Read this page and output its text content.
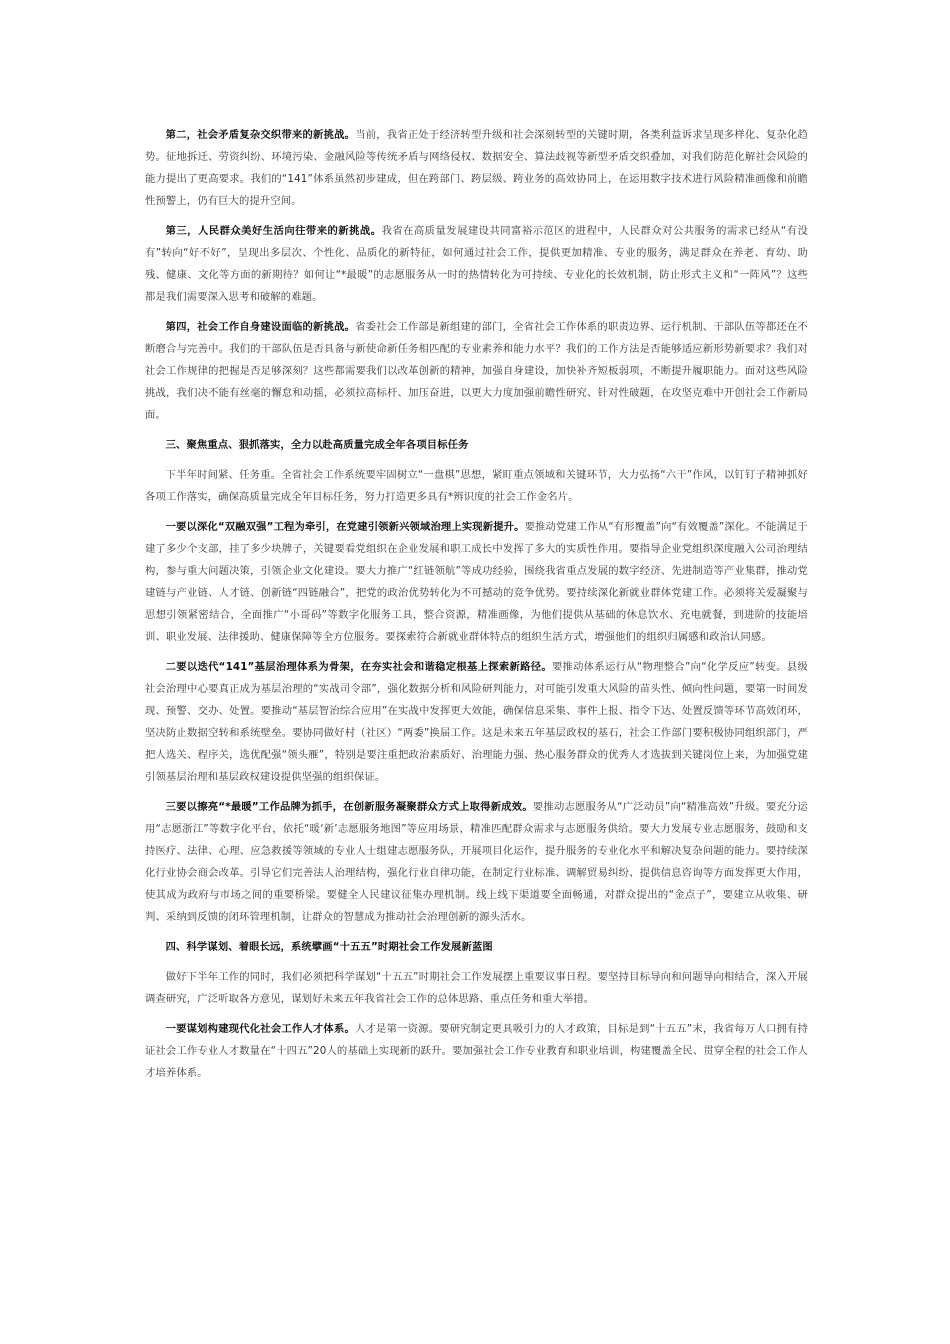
第二，社会矛盾复杂交织带来的新挑战。当前，我省正处于经济转型升级和社会深刻转型的关键时期，各类利益诉求呈现多样化、复杂化趋势。征地拆迁、劳资纠纷、环境污染、金融风险等传统矛盾与网络侵权、数据安全、算法歧视等新型矛盾交织叠加，对我们防范化解社会风险的能力提出了更高要求。我们的“141”体系虽然初步建成，但在跨部门、跨层级、跨业务的高效协同上，在运用数字技术进行风险精准画像和前瞻性预警上，仍有巨大的提升空间。

第三，人民群众美好生活向往带来的新挑战。我省在高质量发展建设共同富裕示范区的进程中，人民群众对公共服务的需求已经从“有没有”转向“好不好”，呈现出多层次、个性化、品质化的新特征，如何通过社会工作，提供更加精准、专业的服务，满足群众在养老、育幼、助残、健康、文化等方面的新期待？如何让“*最暖”的志愿服务从一时的热情转化为可持续、专业化的长效机制，防止形式主义和“一阵风”？这些都是我们需要深入思考和破解的难题。

第四，社会工作自身建设面临的新挑战。省委社会工作部是新组建的部门，全省社会工作体系的职责边界、运行机制、干部队伍等都还在不断磨合与完善中。我们的干部队伍是否具备与新使命新任务相匹配的专业素养和能力水平？我们的工作方法是否能够适应新形势新要求？我们对社会工作规律的把握是否足够深刻？这些都需要我们以改革创新的精神，加强自身建设，加快补齐短板弱项，不断提升履职能力。面对这些风险挑战，我们决不能有丝毫的懈怠和动摇，必须拉高标杆、加压奋进，以更大力度加强前瞻性研究、针对性破题，在攻坚克难中开创社会工作新局面。

三、聚焦重点、狠抓落实，全力以赴高质量完成全年各项目标任务

下半年时间紧、任务重。全省社会工作系统要牢固树立“一盘棋”思想，紧盯重点领域和关键环节，大力弘扬“六干”作风，以钉钉子精神抓好各项工作落实，确保高质量完成全年目标任务，努力打造更多具有*辨识度的社会工作金名片。

一要以深化“双融双强”工程为牵引，在党建引领新兴领域治理上实现新提升。要推动党建工作从“有形覆盖”向“有效覆盖”深化。不能满足于建了多少个支部，挂了多少块牌子，关键要看党组织在企业发展和职工成长中发挥了多大的实质性作用。要指导企业党组织深度融入公司治理结构，参与重大问题决策，引领企业文化建设。要大力推广“红链领航”等成功经验，围绕我省重点发展的数字经济、先进制造等产业集群，推动党建链与产业链、人才链、创新链“四链融合”，把党的政治优势转化为不可撼动的竞争优势。要持续深化新就业群体党建工作。必须将关爱凝聚与思想引领紧密结合，全面推广“小哥码”等数字化服务工具，整合资源，精准画像，为他们提供从基础的休息饮水、充电就餐，到进阶的技能培训、职业发展、法律援助、健康保障等全方位服务。要探索符合新就业群体特点的组织生活方式，增强他们的组织归属感和政治认同感。

二要以迭代“141”基层治理体系为骨架，在夯实社会和谐稳定根基上探索新路径。要推动体系运行从“物理整合”向“化学反应”转变。县级社会治理中心要真正成为基层治理的“实战司令部”，强化数据分析和风险研判能力，对可能引发重大风险的苗头性、倾向性问题，要第一时间发现、预警、交办、处置。要推动“基层智治综合应用”在实战中发挥更大效能，确保信息采集、事件上报、指令下达、处置反馈等环节高效闭环，坚决防止数据空转和系统壁垒。要协同做好村（社区）“两委”换届工作。这是未来五年基层政权的基石，社会工作部门要积极协同组织部门，严把人选关、程序关，选优配强“领头雁”，特别是要注重把政治素质好、治理能力强、热心服务群众的优秀人才选拔到关键岗位上来，为加强党建引领基层治理和基层政权建设提供坚强的组织保证。

三要以擦亮“*最暖”工作品牌为抓手，在创新服务凝聚群众方式上取得新成效。要推动志愿服务从“广泛动员”向“精准高效”升级。要充分运用“志愿浙江”等数字化平台，依托“暖‘新’志愿服务地图”等应用场景，精准匹配群众需求与志愿服务供给。要大力发展专业志愿服务，鼓励和支持医疗、法律、心理、应急救援等领域的专业人士组建志愿服务队，开展项目化运作，提升服务的专业化水平和解决复杂问题的能力。要持续深化行业协会商会改革。引导它们完善法人治理结构，强化行业自律功能，在制定行业标准、调解贸易纠纷、提供信息咨询等方面发挥更大作用，使其成为政府与市场之间的重要桥梁。要健全人民建议征集办理机制。线上线下渠道要全面畅通，对群众提出的“金点子”，要建立从收集、研判、采纳到反馈的闭环管理机制，让群众的智慧成为推动社会治理创新的源头活水。

四、科学谋划、着眼长远，系统擘画“十五五”时期社会工作发展新蓝图

做好下半年工作的同时，我们必须把科学谋划“十五五”时期社会工作发展摆上重要议事日程。要坚持目标导向和问题导向相结合，深入开展调查研究，广泛听取各方意见，谋划好未来五年我省社会工作的总体思路、重点任务和重大举措。

一要谋划构建现代化社会工作人才体系。人才是第一资源。要研究制定更具吸引力的人才政策，目标是到“十五五”末，我省每万人口拥有持证社会工作专业人才数量在“十四五”20人的基础上实现新的跃升。要加强社会工作专业教育和职业培训，构建覆盖全民、贯穿全程的社会工作人才培养体系。
